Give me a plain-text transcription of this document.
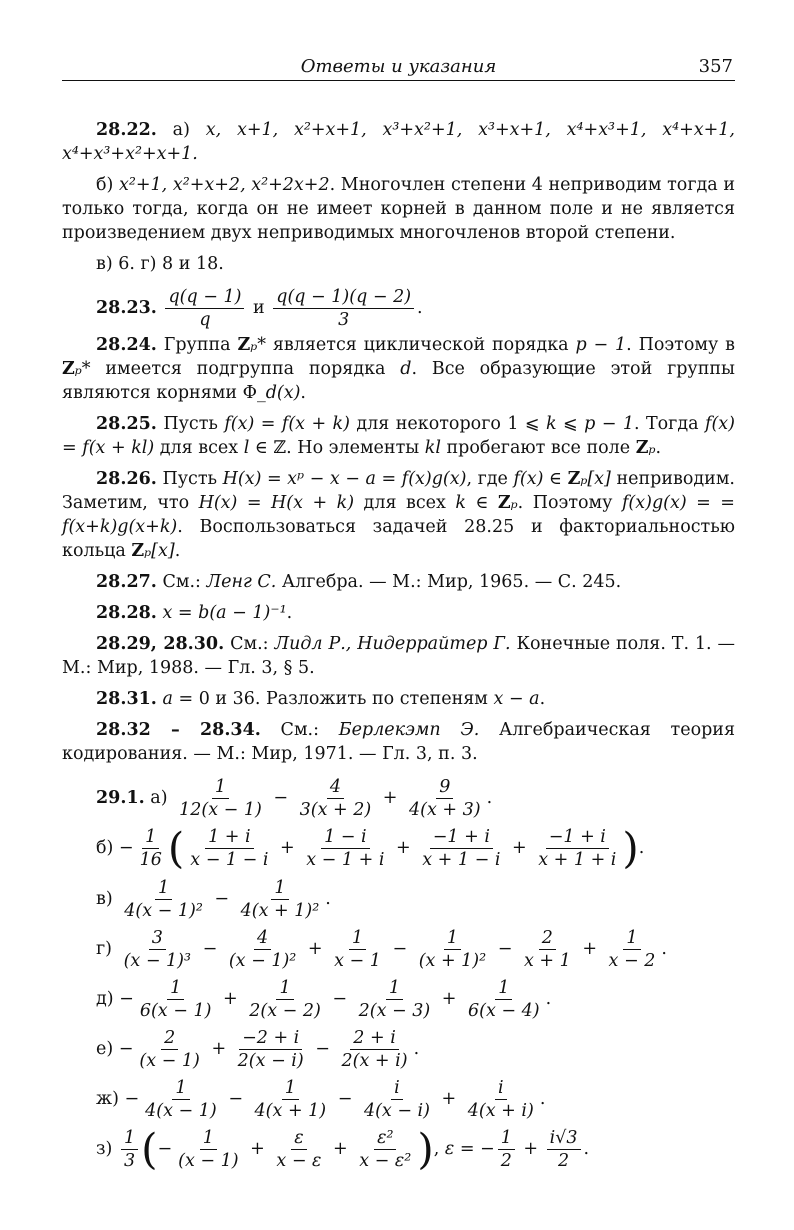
Ответы и указания	357

28.22. а) x, x+1, x²+x+1, x³+x²+1, x³+x+1, x⁴+x³+1, x⁴+x+1, x⁴+x³+x²+x+1.

б) x²+1, x²+x+2, x²+2x+2. Многочлен степени 4 неприводим тогда и только тогда, когда он не имеет корней в данном поле и не является произведением двух неприводимых многочленов второй степени.

в) 6. г) 8 и 18.

28.23. $\frac{q(q - 1)}{q}$ и $\frac{q(q - 1)(q - 2)}{3}$ .

28.24. Группа Zₚ* является циклической порядка p − 1. Поэтому в Zₚ* имеется подгруппа порядка d. Все образующие этой группы являются корнями Φ_d(x).

28.25. Пусть f(x) = f(x + k) для некоторого 1 ⩽ k ⩽ p − 1. Тогда f(x) = f(x + kl) для всех l ∈ ℤ. Но элементы kl пробегают все поле Zₚ.

28.26. Пусть H(x) = xᵖ − x − a = f(x)g(x), где f(x) ∈ Zₚ[x] неприводим. Заметим, что H(x) = H(x + k) для всех k ∈ Zₚ. Поэтому f(x)g(x) = = f(x+k)g(x+k). Воспользоваться задачей 28.25 и факториальностью кольца Zₚ[x].

28.27. См.: Ленг С. Алгебра. — М.: Мир, 1965. — С. 245.

28.28. x = b(a − 1)⁻¹.

28.29, 28.30. См.: Лидл Р., Нидеррайтер Г. Конечные поля. Т. 1. — М.: Мир, 1988. — Гл. 3, § 5.

28.31. a = 0 и 36. Разложить по степеням x − a.

28.32 – 28.34. См.: Берлекэмп Э. Алгебраическая теория кодирования. — М.: Мир, 1971. — Гл. 3, п. 3.

29.1. $а) \frac{1}{12(x - 1)} - \frac{4}{3(x + 2)} + \frac{9}{4(x + 3)}$ .

$б) - \frac{1}{16}$ ( $\frac{1 + i}{x - 1 - i} + \frac{1 - i}{x - 1 + i} + \frac{-1 + i}{x + 1 - i} + \frac{-1 + i}{x + 1 + i}$ ).

$в) \frac{1}{\text{4(x − 1)²}} - \frac{1}{\text{4(x + 1)²}}$ .

$г) \frac{3}{\text{(x − 1)³}} - \frac{4}{\text{(x − 1)²}} + \frac{1}{x - 1} - \frac{1}{\text{(x + 1)²}} - \frac{2}{x + 1} + \frac{1}{x - 2}$ .

$д) - \frac{1}{6(x - 1)} + \frac{1}{2(x - 2)} - \frac{1}{2(x - 3)} + \frac{1}{6(x - 4)}$ .

$е) - \frac{2}{(x - 1)} + \frac{-2 + i}{2(x - i)} - \frac{2 + i}{2(x + i)}$ .

$ж) - \frac{1}{4(x - 1)} - \frac{1}{4(x + 1)} - \frac{i}{4(x - i)} + \frac{i}{4(x + i)}$ .

$з) \frac{1}{3}$ (− $\frac{1}{(x - 1)} + \frac{\varepsilon}{x - \varepsilon} + \frac{\text{ε²}}{\text{x − ε²}}$ ), ε = − $\frac{1}{2} + \frac{i√3}{2}$ .
